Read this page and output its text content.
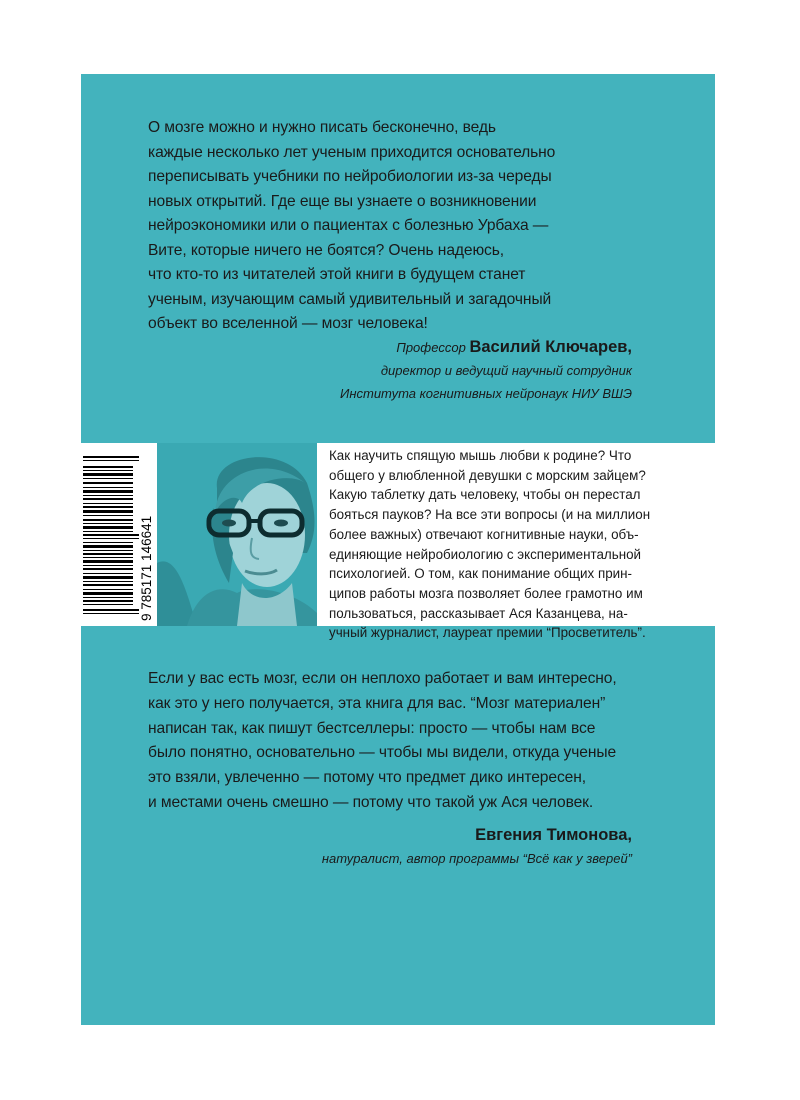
О мозге можно и нужно писать бесконечно, ведь

каждые несколько лет ученым приходится основательно

переписывать учебники по нейробиологии из-за череды

новых открытий. Где еще вы узнаете о возникновении

нейроэкономики или о пациентах с болезнью Урбаха —

Вите, которые ничего не боятся? Очень надеюсь,

что кто-то из читателей этой книги в будущем станет

ученым, изучающим самый удивительный и загадочный

объект во вселенной — мозг человека!

Профессор Василий Ключарев,
директор и ведущий научный сотрудник
Института когнитивных нейронаук НИУ ВШЭ
9 785171 146641

Как научить спящую мышь любви к родине? Что

общего у влюбленной девушки с морским зайцем?

Какую таблетку дать человеку, чтобы он перестал

бояться пауков? На все эти вопросы (и на миллион

более важных) отвечают когнитивные науки, объ-

единяющие нейробиологию с экспериментальной

психологией. О том, как понимание общих прин-

ципов работы мозга позволяет более грамотно им

пользоваться, рассказывает Ася Казанцева, на-

учный журналист, лауреат премии “Просветитель”.

Если у вас есть мозг, если он неплохо работает и вам интересно,

как это у него получается, эта книга для вас. “Мозг материален”

написан так, как пишут бестселлеры: просто — чтобы нам все

было понятно, основательно — чтобы мы видели, откуда ученые

это взяли, увлеченно — потому что предмет дико интересен,

и местами очень смешно — потому что такой уж Ася человек.

Евгения Тимонова,
натуралист, автор программы “Всё как у зверей”
